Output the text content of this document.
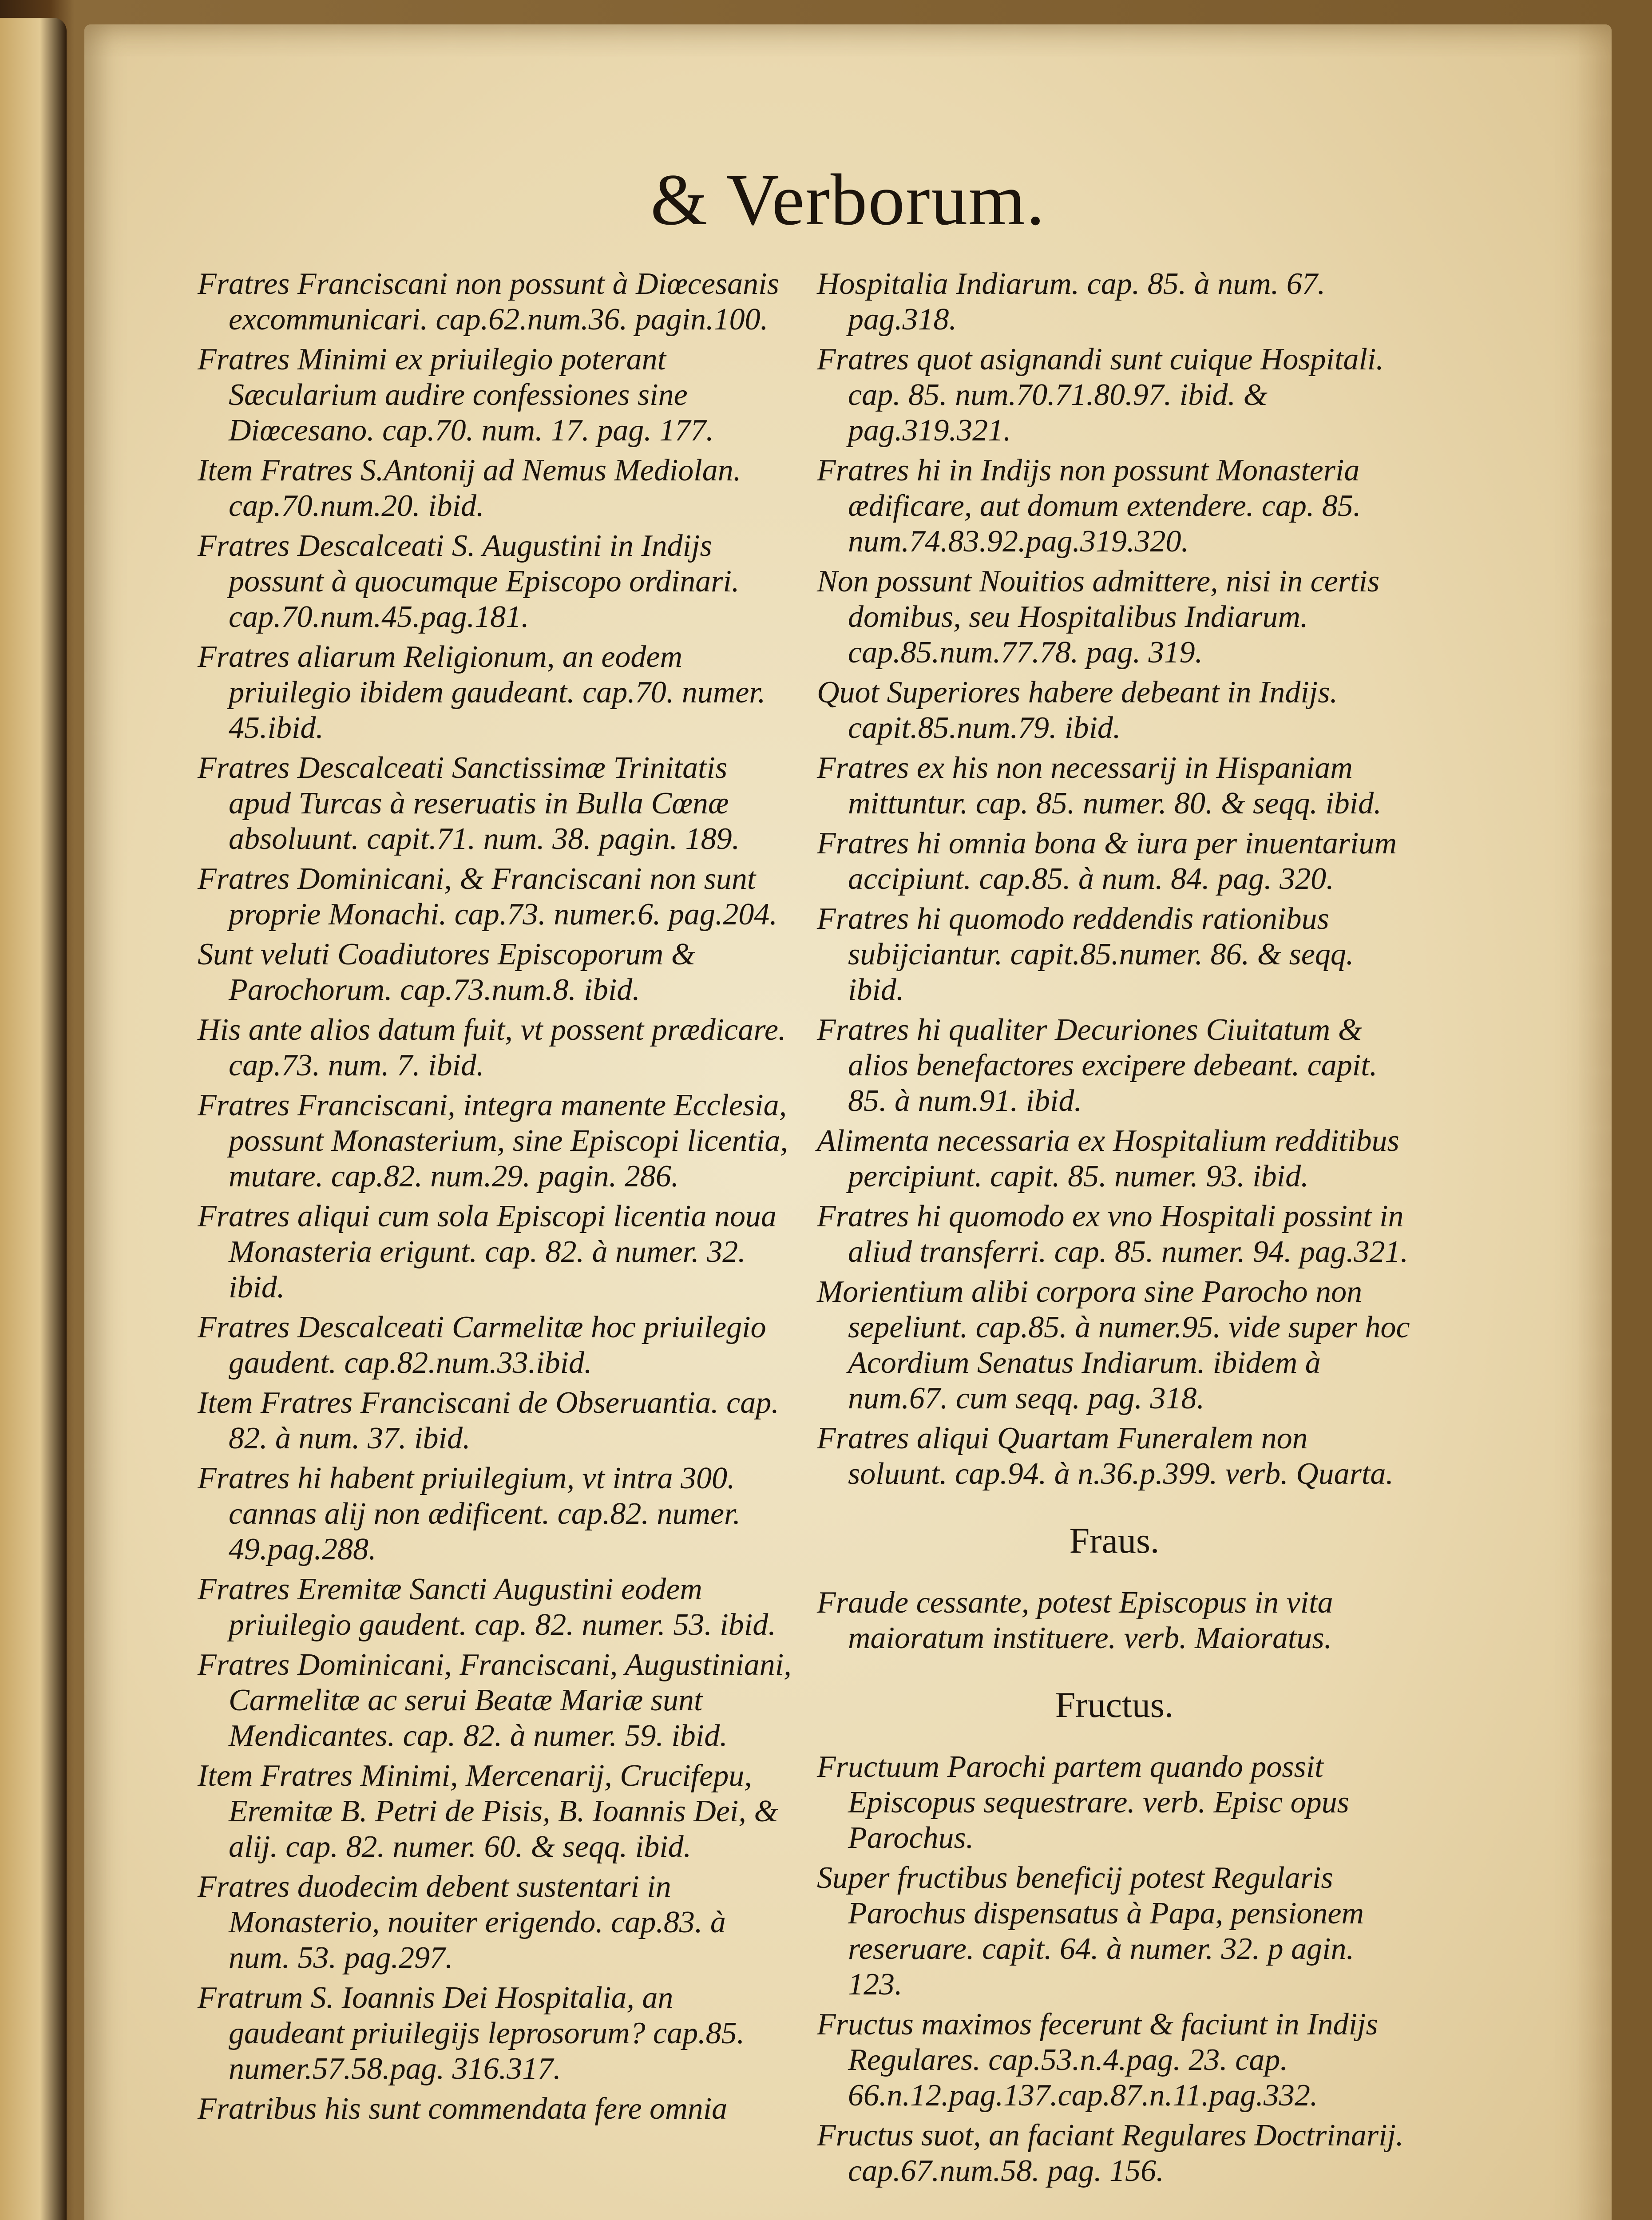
& Verborum.
Fratres Franciscani non possunt à Diœcesanis excommunicari. cap.62.num.36. pagin.100.
Fratres Minimi ex priuilegio poterant Sæcularium audire confessiones sine Diœcesano. cap.70. num. 17. pag. 177.
Item Fratres S.Antonij ad Nemus Mediolan. cap.70.num.20. ibid.
Fratres Descalceati S. Augustini in Indijs possunt à quocumque Episcopo ordinari. cap.70.num.45.pag.181.
Fratres aliarum Religionum, an eodem priuilegio ibidem gaudeant. cap.70. numer. 45.ibid.
Fratres Descalceati Sanctissimæ Trinitatis apud Turcas à reseruatis in Bulla Cœnæ absoluunt. capit.71. num. 38. pagin. 189.
Fratres Dominicani, & Franciscani non sunt proprie Monachi. cap.73. numer.6. pag.204.
Sunt veluti Coadiutores Episcoporum & Parochorum. cap.73.num.8. ibid.
His ante alios datum fuit, vt possent prædicare. cap.73. num. 7. ibid.
Fratres Franciscani, integra manente Ecclesia, possunt Monasterium, sine Episcopi licentia, mutare. cap.82. num.29. pagin. 286.
Fratres aliqui cum sola Episcopi licentia noua Monasteria erigunt. cap. 82. à numer. 32. ibid.
Fratres Descalceati Carmelitæ hoc priuilegio gaudent. cap.82.num.33.ibid.
Item Fratres Franciscani de Obseruantia. cap. 82. à num. 37. ibid.
Fratres hi habent priuilegium, vt intra 300. cannas alij non ædificent. cap.82. numer. 49.pag.288.
Fratres Eremitæ Sancti Augustini eodem priuilegio gaudent. cap. 82. numer. 53. ibid.
Fratres Dominicani, Franciscani, Augustiniani, Carmelitæ ac serui Beatæ Mariæ sunt Mendicantes. cap. 82. à numer. 59. ibid.
Item Fratres Minimi, Mercenarij, Crucifери, Eremitæ B. Petri de Pisis, B. Ioannis Dei, & alij. cap. 82. numer. 60. & seqq. ibid.
Fratres duodecim debent sustentari in Monasterio, nouiter erigendo. cap.83. à num. 53. pag.297.
Fratrum S. Ioannis Dei Hospitalia, an gaudeant priuilegijs leprosorum? cap.85. numer.57.58.pag. 316.317.
Fratribus his sunt commendata fere omnia
Hospitalia Indiarum. cap. 85. à num. 67. pag.318.
Fratres quot asignandi sunt cuique Hospitali. cap. 85. num.70.71.80.97. ibid. & pag.319.321.
Fratres hi in Indijs non possunt Monasteria ædificare, aut domum extendere. cap. 85. num.74.83.92.pag.319.320.
Non possunt Nouitios admittere, nisi in certis domibus, seu Hospitalibus Indiarum. cap.85.num.77.78. pag. 319.
Quot Superiores habere debeant in Indijs. capit.85.num.79. ibid.
Fratres ex his non necessarij in Hispaniam mittuntur. cap. 85. numer. 80. & seqq. ibid.
Fratres hi omnia bona & iura per inuentarium accipiunt. cap.85. à num. 84. pag. 320.
Fratres hi quomodo reddendis rationibus subijciantur. capit.85.numer. 86. & seqq. ibid.
Fratres hi qualiter Decuriones Ciuitatum & alios benefactores excipere debeant. capit. 85. à num.91. ibid.
Alimenta necessaria ex Hospitalium redditibus percipiunt. capit. 85. numer. 93. ibid.
Fratres hi quomodo ex vno Hospitali possint in aliud transferri. cap. 85. numer. 94. pag.321.
Morientium alibi corpora sine Parocho non sepeliunt. cap.85. à numer.95. vide super hoc Acordium Senatus Indiarum. ibidem à num.67. cum seqq. pag. 318.
Fratres aliqui Quartam Funeralem non soluunt. cap.94. à n.36.p.399. verb. Quarta.
Fraus.
Fraude cessante, potest Episcopus in vita maioratum instituere. verb. Maioratus.
Fructus.
Fructuum Parochi partem quando possit Episcopus sequestrare. verb. Episc opus Parochus.
Super fructibus beneficij potest Regularis Parochus dispensatus à Papa, pensionem reseruare. capit. 64. à numer. 32. p agin. 123.
Fructus maximos fecerunt & faciunt in Indijs Regulares. cap.53.n.4.pag. 23. cap. 66.n.12.pag.137.cap.87.n.11.pag.332.
Fructus suot, an faciant Regulares Doctrinarij. cap.67.num.58. pag. 156.
